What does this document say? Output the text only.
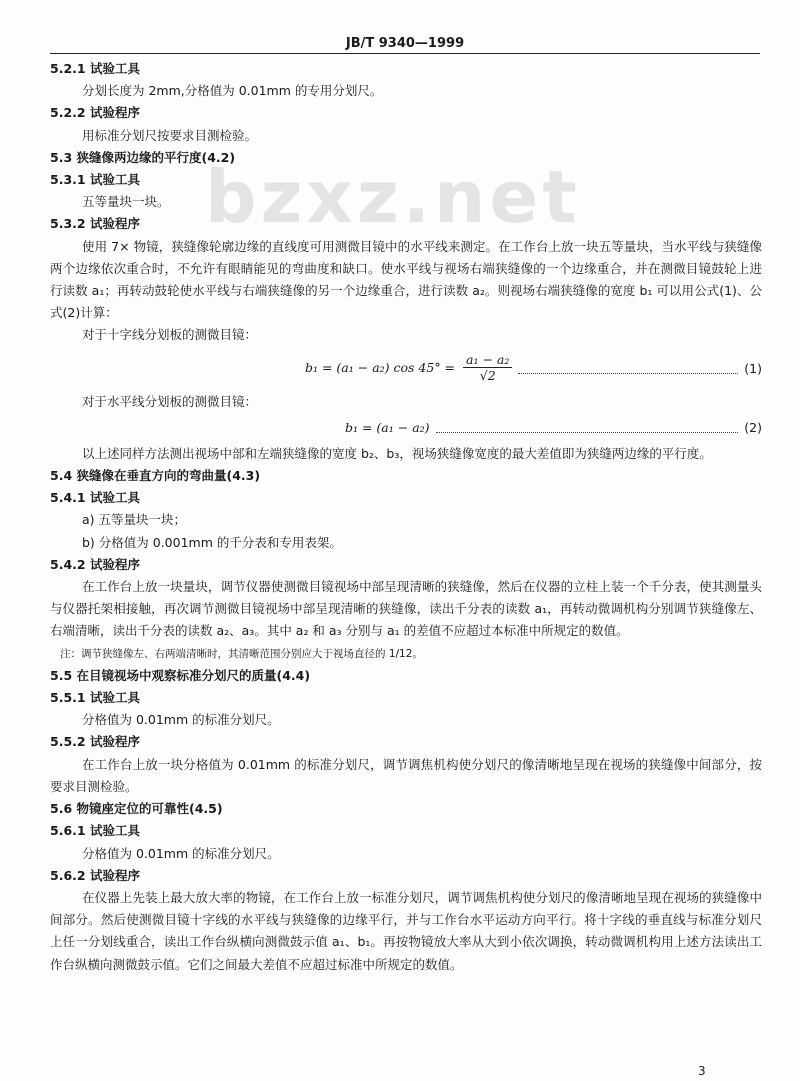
JB/T 9340—1999
bzxz.net
5.2.1 试验工具
分划长度为 2mm,分格值为 0.01mm 的专用分划尺。
5.2.2 试验程序
用标准分划尺按要求目测检验。
5.3 狭缝像两边缘的平行度(4.2)
5.3.1 试验工具
五等量块一块。
5.3.2 试验程序
使用 7× 物镜，狭缝像轮廓边缘的直线度可用测微目镜中的水平线来测定。在工作台上放一块五等量块，当水平线与狭缝像两个边缘依次重合时，不允许有眼睛能见的弯曲度和缺口。使水平线与视场右端狭缝像的一个边缘重合，并在测微目镜鼓轮上进行读数 a₁；再转动鼓轮使水平线与右端狭缝像的另一个边缘重合，进行读数 a₂。则视场右端狭缝像的宽度 b₁ 可以用公式(1)、公式(2)计算：
对于十字线分划板的测微目镜：
b₁ = (a₁ − a₂) $\cos 45^\circ = \frac{\text{a₁ − a₂}}{√2}$	(1)
对于水平线分划板的测微目镜：
b₁ = (a₁ − a₂)	(2)
以上述同样方法测出视场中部和左端狭缝像的宽度 b₂、b₃，视场狭缝像宽度的最大差值即为狭缝两边缘的平行度。
5.4 狭缝像在垂直方向的弯曲量(4.3)
5.4.1 试验工具
a) 五等量块一块；
b) 分格值为 0.001mm 的千分表和专用表架。
5.4.2 试验程序
在工作台上放一块量块，调节仪器使测微目镜视场中部呈现清晰的狭缝像，然后在仪器的立柱上装一个千分表，使其测量头与仪器托架相接触，再次调节测微目镜视场中部呈现清晰的狭缝像，读出千分表的读数 a₁，再转动微调机构分别调节狭缝像左、右端清晰，读出千分表的读数 a₂、a₃。其中 a₂ 和 a₃ 分别与 a₁ 的差值不应超过本标准中所规定的数值。
注：调节狭缝像左、右两端清晰时，其清晰范围分别应大于视场直径的 1/12。
5.5 在目镜视场中观察标准分划尺的质量(4.4)
5.5.1 试验工具
分格值为 0.01mm 的标准分划尺。
5.5.2 试验程序
在工作台上放一块分格值为 0.01mm 的标准分划尺，调节调焦机构使分划尺的像清晰地呈现在视场的狭缝像中间部分，按要求目测检验。
5.6 物镜座定位的可靠性(4.5)
5.6.1 试验工具
分格值为 0.01mm 的标准分划尺。
5.6.2 试验程序
在仪器上先装上最大放大率的物镜，在工作台上放一标准分划尺，调节调焦机构使分划尺的像清晰地呈现在视场的狭缝像中间部分。然后使测微目镜十字线的水平线与狭缝像的边缘平行，并与工作台水平运动方向平行。将十字线的垂直线与标准分划尺上任一分划线重合，读出工作台纵横向测微鼓示值 a₁、b₁。再按物镜放大率从大到小依次调换，转动微调机构用上述方法读出工作台纵横向测微鼓示值。它们之间最大差值不应超过标准中所规定的数值。
3
